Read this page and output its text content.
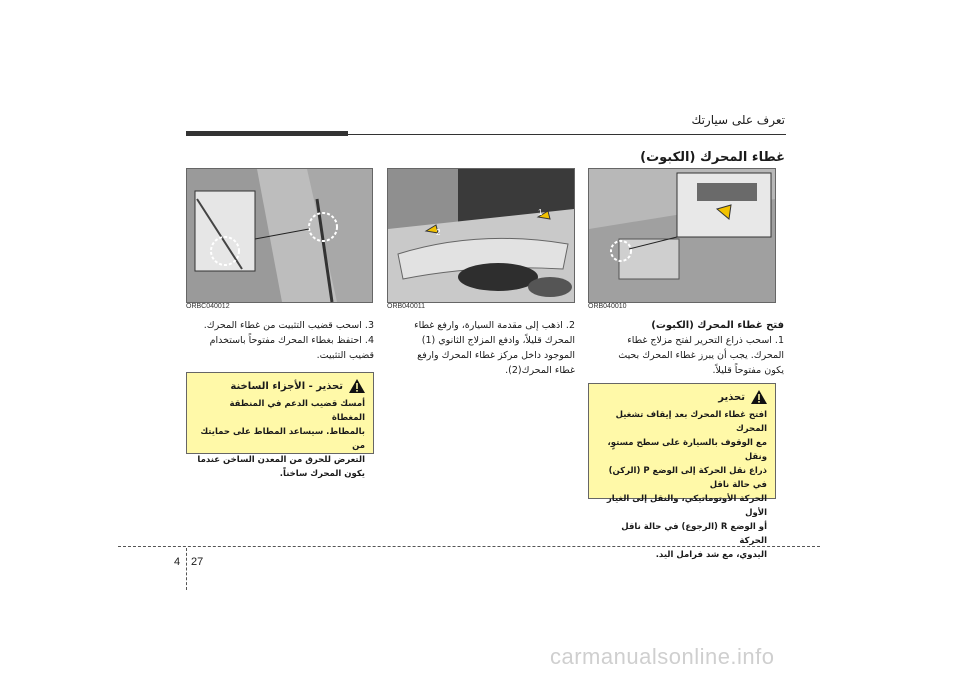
تعرف على سيارتك
غطاء المحرك (الكبوت)
ORBC040012
2
1
ORB040011	ORB040010

فتح غطاء المحرك (الكبوت)

1. اسحب ذراع التحرير لفتح مزلاج غطاء

المحرك. يجب أن يبرز غطاء المحرك بحيث

يكون مفتوحاً قليلاً.

تحذير
افتح غطاء المحرك بعد إيقاف تشغيل المحرك
مع الوقوف بالسيارة على سطح مستوٍ، ونقل
ذراع نقل الحركة إلى الوضع P (الركن) في حالة ناقل
الحركة الأوتوماتيكي، والنقل إلى الغيار الأول
أو الوضع R (الرجوع) في حالة ناقل الحركة
اليدوي، مع شد فرامل اليد.

2. اذهب إلى مقدمة السيارة، وارفع غطاء

المحرك قليلاً، وادفع المزلاج الثانوي (1)

الموجود داخل مركز غطاء المحرك وارفع

غطاء المحرك(2).

3. اسحب قضيب التثبيت من غطاء المحرك.

4. احتفظ بغطاء المحرك مفتوحاً باستخدام

قضيب التثبيت.

تحذير - الأجزاء الساخنة
أمسك قضيب الدعم في المنطقة المغطاة
بالمطاط. سيساعد المطاط على حمايتك من
التعرض للحرق من المعدن الساخن عندما
يكون المحرك ساخناً.
4 27
carmanualsonline.info
